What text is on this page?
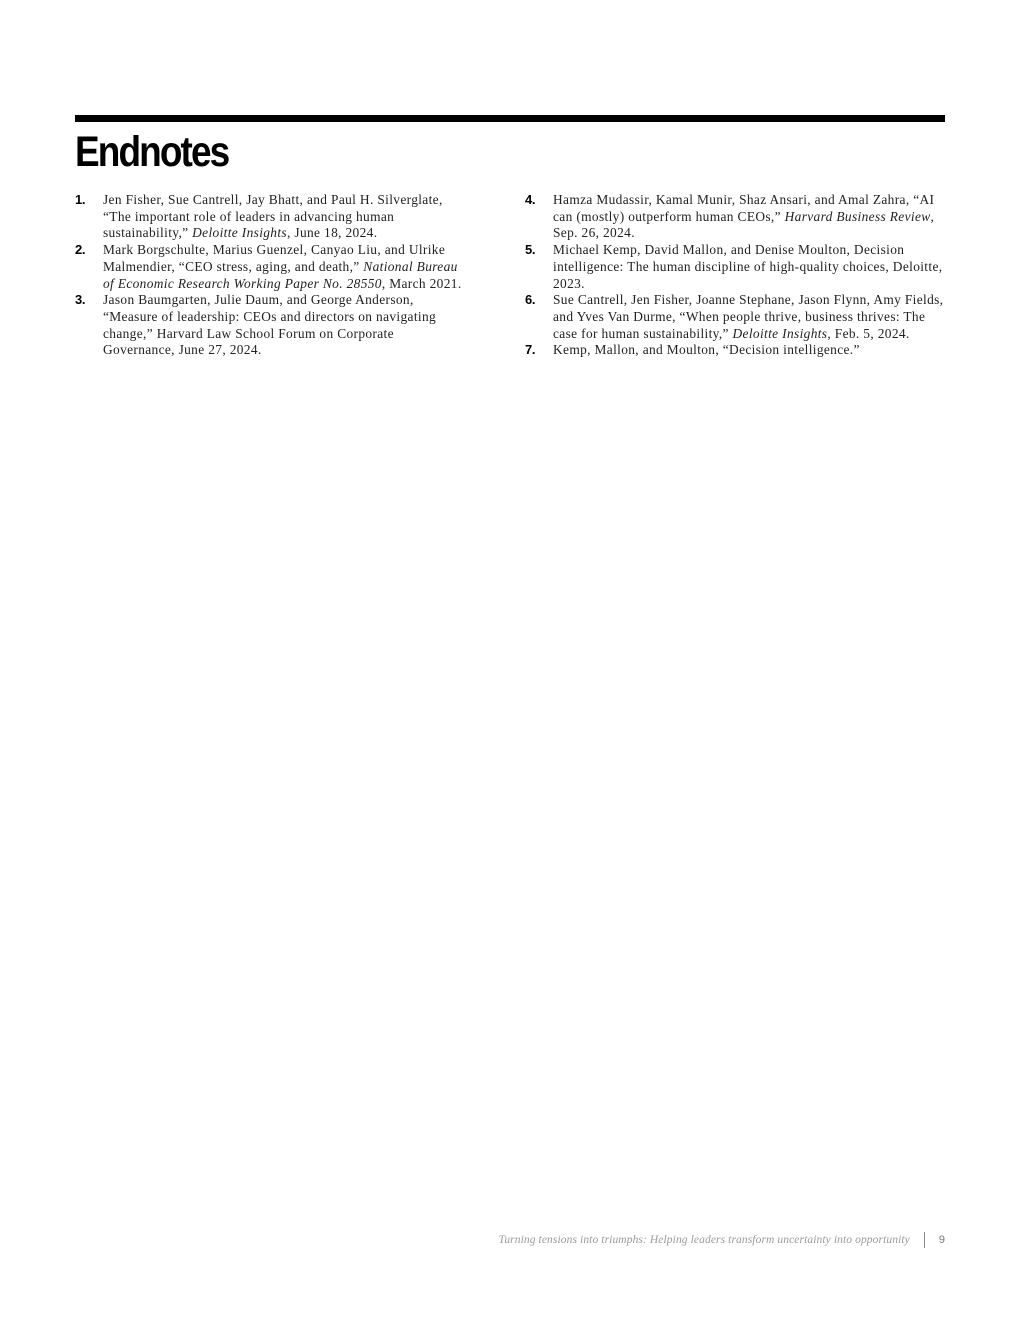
Endnotes
1. Jen Fisher, Sue Cantrell, Jay Bhatt, and Paul H. Silverglate, “The important role of leaders in advancing human sustainability,” Deloitte Insights, June 18, 2024.
2. Mark Borgschulte, Marius Guenzel, Canyao Liu, and Ulrike Malmendier, “CEO stress, aging, and death,” National Bureau of Economic Research Working Paper No. 28550, March 2021.
3. Jason Baumgarten, Julie Daum, and George Anderson, “Measure of leadership: CEOs and directors on navigating change,” Harvard Law School Forum on Corporate Governance, June 27, 2024.
4. Hamza Mudassir, Kamal Munir, Shaz Ansari, and Amal Zahra, “AI can (mostly) outperform human CEOs,” Harvard Business Review, Sep. 26, 2024.
5. Michael Kemp, David Mallon, and Denise Moulton, Decision intelligence: The human discipline of high-quality choices, Deloitte, 2023.
6. Sue Cantrell, Jen Fisher, Joanne Stephane, Jason Flynn, Amy Fields, and Yves Van Durme, “When people thrive, business thrives: The case for human sustainability,” Deloitte Insights, Feb. 5, 2024.
7. Kemp, Mallon, and Moulton, “Decision intelligence.”
Turning tensions into triumphs: Helping leaders transform uncertainty into opportunity	9
